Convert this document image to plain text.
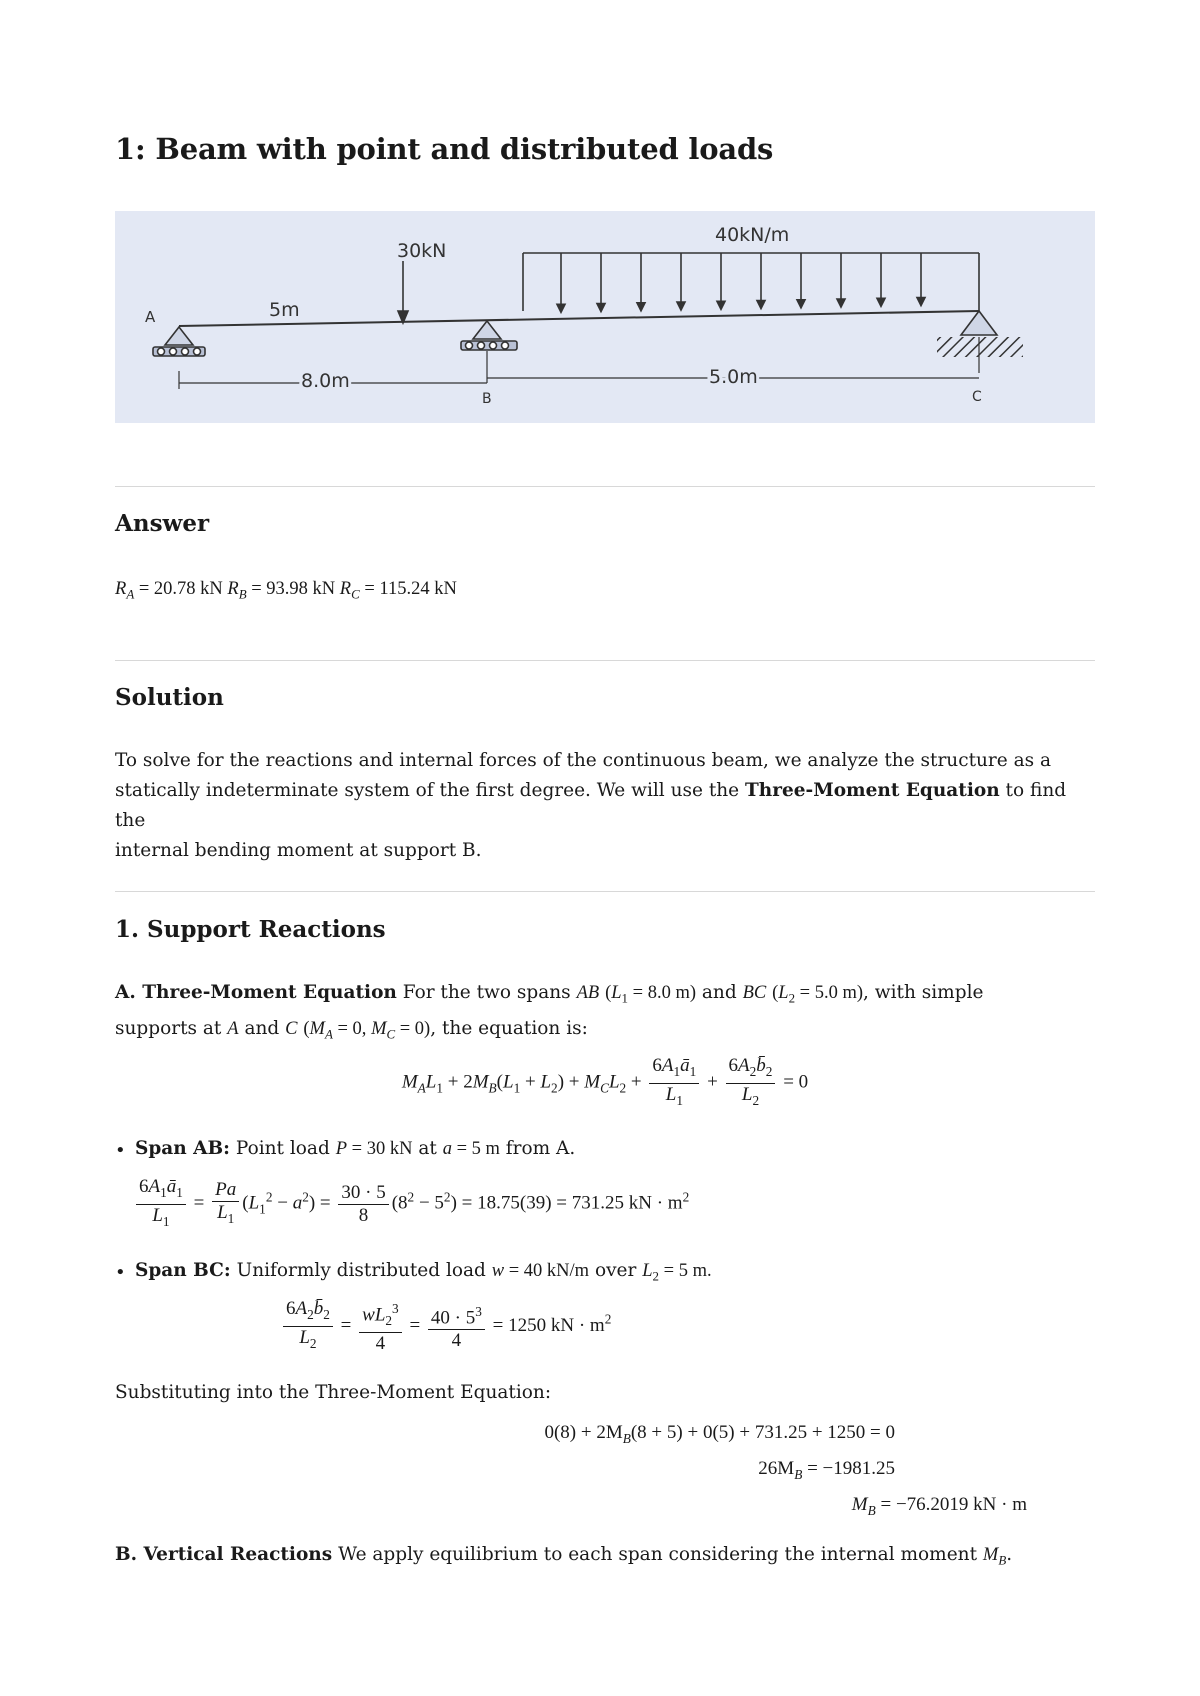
1: Beam with point and distributed loads
30kN
40kN/m
A
B	C
8.0m	5.0m
5m
Answer
$R_A = 20.78$ kN $R_B = 93.98$ kN $R_C = 115.24$ kN
Solution
To solve for the reactions and internal forces of the continuous beam, we analyze the structure as a
statically indeterminate system of the first degree. We will use the Three-Moment Equation to find the
internal bending moment at support B.
1. Support Reactions
A. Three-Moment Equation For the two spans AB ($L_1 = 8.0$ m) and BC ($L_2 = 5.0$ m), with simple
supports at A and C ($M_A = 0$, $M_C = 0$), the equation is:
$M_AL_1 + 2M_B(L_1 + L_2) + M_CL_2 + \frac{6A_1ā_1}{L_1} + \frac{6A_2b̄_2}{L_2} = 0$
• Span AB: Point load P = 30 kN at a = 5 m from A.
$\frac{6A_1ā_1}{L_1} = \frac{Pa}{L_1} (L_1^2 - a^2) = \frac{30 \cdot 5}{8} (8^2 - 5^2) = 18.75(39) = 731.25$ kN · $m^2$
• Span BC: Uniformly distributed load w = 40 kN/m over $L_2 = 5$ m.
$\frac{6A_2b̄_2}{L_2} = \frac{wL_2^3}{4} = \frac{40 \cdot 5^3}{4} = 1250$ kN · $m^2$
Substituting into the Three-Moment Equation:
$0(8) + 2M_B(8 + 5) + 0(5) + 731.25 + 1250 = 0$
$26M_B = -1981.25$
$M_B = -76.2019$ kN · m
B. Vertical Reactions We apply equilibrium to each span considering the internal moment $M_B$.
